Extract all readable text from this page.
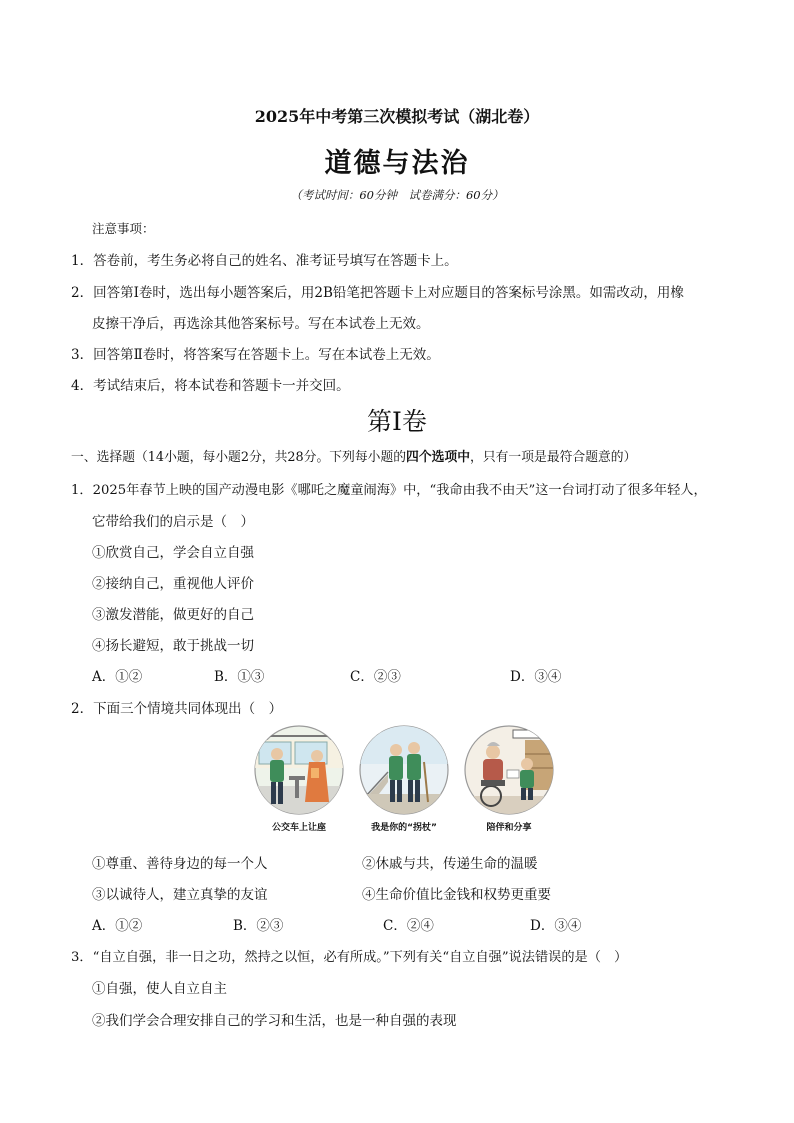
2025年中考第三次模拟考试（湖北卷）
道德与法治
（考试时间：60分钟　试卷满分：60分）
注意事项：
1．答卷前，考生务必将自己的姓名、准考证号填写在答题卡上。
2．回答第Ⅰ卷时，选出每小题答案后，用2B铅笔把答题卡上对应题目的答案标号涂黑。如需改动，用橡
皮擦干净后，再选涂其他答案标号。写在本试卷上无效。
3．回答第Ⅱ卷时，将答案写在答题卡上。写在本试卷上无效。
4．考试结束后，将本试卷和答题卡一并交回。
第Ⅰ卷
一、选择题（14小题，每小题2分，共28分。下列每小题的四个选项中，只有一项是最符合题意的）
1．2025年春节上映的国产动漫电影《哪吒之魔童闹海》中，“我命由我不由天”这一台词打动了很多年轻人，
它带给我们的启示是（　）
①欣赏自己，学会自立自强
②接纳自己，重视他人评价
③激发潜能，做更好的自己
④扬长避短，敢于挑战一切
A．①②	B．①③	C．②③	D．③④
2．下面三个情境共同体现出（　）
公交车上让座	我是你的“拐杖”	陪伴和分享
①尊重、善待身边的每一个人	②休戚与共，传递生命的温暖
③以诚待人，建立真挚的友谊	④生命价值比金钱和权势更重要
A．①②	B．②③	C．②④	D．③④
3．“自立自强，非一日之功，然持之以恒，必有所成。”下列有关“自立自强”说法错误的是（　）
①自强，使人自立自主
②我们学会合理安排自己的学习和生活，也是一种自强的表现
